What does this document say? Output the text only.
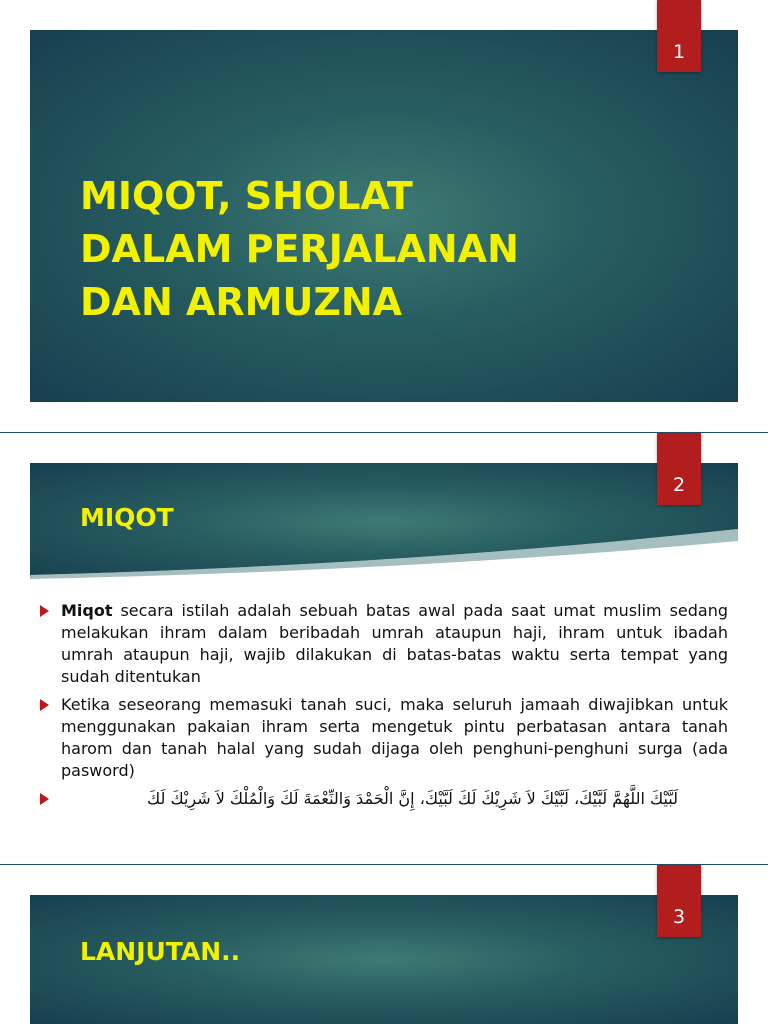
1
MIQOT, SHOLAT
DALAM PERJALANAN
DAN ARMUZNA
2
MIQOT
Miqot secara istilah adalah sebuah batas awal pada saat umat muslim sedang melakukan ihram dalam beribadah umrah ataupun haji, ihram untuk ibadah umrah ataupun haji, wajib dilakukan di batas-batas waktu serta tempat yang sudah ditentukan
Ketika seseorang memasuki tanah suci, maka seluruh jamaah diwajibkan untuk menggunakan pakaian ihram serta mengetuk pintu perbatasan antara tanah harom dan tanah halal yang sudah dijaga oleh penghuni-penghuni surga (ada pasword)
لَبَّيْكَ اللَّهُمَّ لَبَّيْكَ، لَبَّيْكَ لاَ شَرِيْكَ لَكَ لَبَّيْكَ، إِنَّ الْحَمْدَ وَالنِّعْمَةَ لَكَ وَالْمُلْكَ لاَ شَرِيْكَ لَكَ
3
LANJUTAN..
